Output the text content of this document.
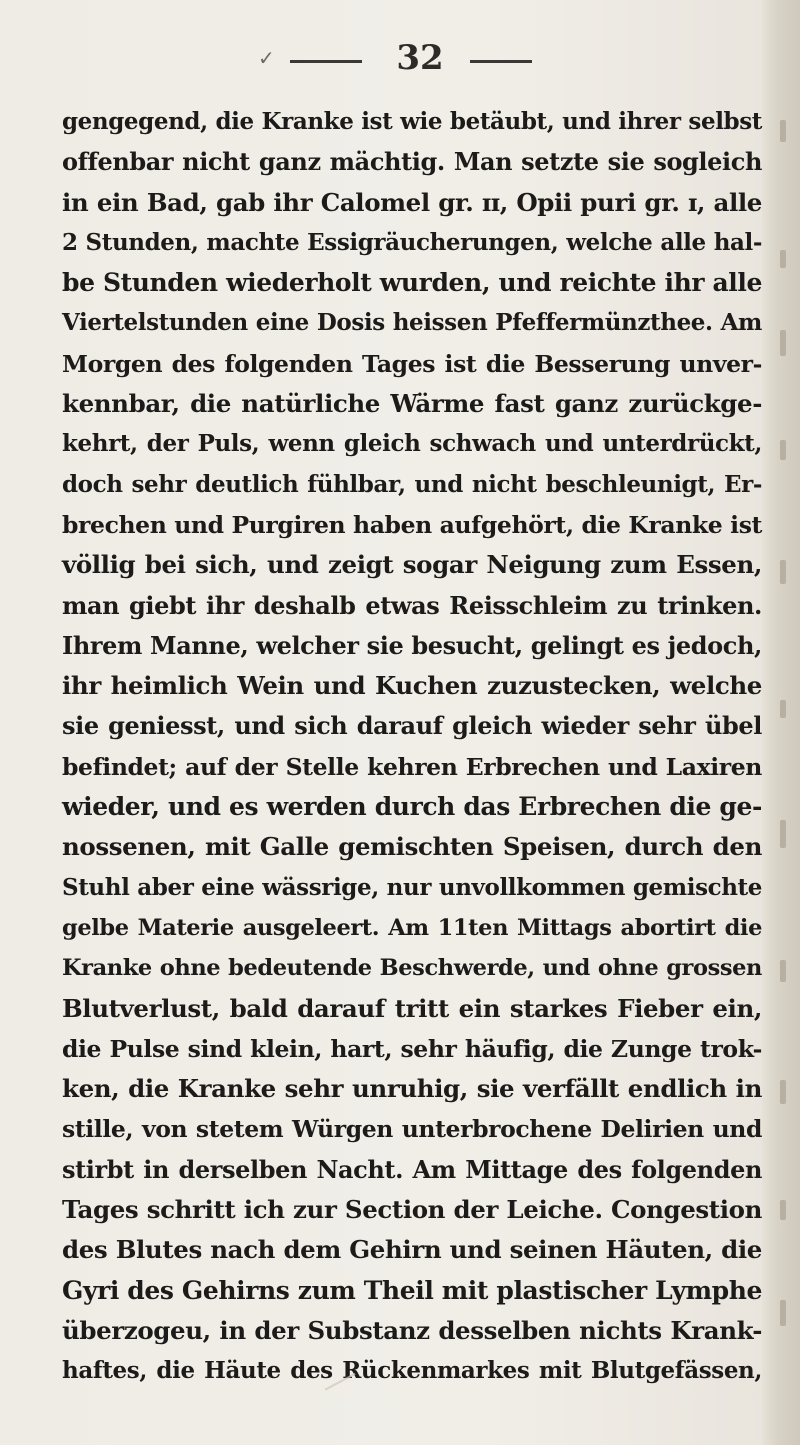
✓	32
gengegend, die Kranke ist wie betäubt, und ihrer selbst
offenbar nicht ganz mächtig. Man setzte sie sogleich
in ein Bad, gab ihr Calomel gr. ɪɪ, Opii puri gr. ɪ, alle
2 Stunden, machte Essigräucherungen, welche alle hal-
be Stunden wiederholt wurden, und reichte ihr alle
Viertelstunden eine Dosis heissen Pfeffermünzthee. Am
Morgen des folgenden Tages ist die Besserung unver-
kennbar, die natürliche Wärme fast ganz zurückge-
kehrt, der Puls, wenn gleich schwach und unterdrückt,
doch sehr deutlich fühlbar, und nicht beschleunigt, Er-
brechen und Purgiren haben aufgehört, die Kranke ist
völlig bei sich, und zeigt sogar Neigung zum Essen,
man giebt ihr deshalb etwas Reisschleim zu trinken.
Ihrem Manne, welcher sie besucht, gelingt es jedoch,
ihr heimlich Wein und Kuchen zuzustecken, welche
sie geniesst, und sich darauf gleich wieder sehr übel
befindet; auf der Stelle kehren Erbrechen und Laxiren
wieder, und es werden durch das Erbrechen die ge-
nossenen, mit Galle gemischten Speisen, durch den
Stuhl aber eine wässrige, nur unvollkommen gemischte
gelbe Materie ausgeleert. Am 11ten Mittags abortirt die
Kranke ohne bedeutende Beschwerde, und ohne grossen
Blutverlust, bald darauf tritt ein starkes Fieber ein,
die Pulse sind klein, hart, sehr häufig, die Zunge trok-
ken, die Kranke sehr unruhig, sie verfällt endlich in
stille, von stetem Würgen unterbrochene Delirien und
stirbt in derselben Nacht. Am Mittage des folgenden
Tages schritt ich zur Section der Leiche. Congestion
des Blutes nach dem Gehirn und seinen Häuten, die
Gyri des Gehirns zum Theil mit plastischer Lymphe
überzogeu, in der Substanz desselben nichts Krank-
haftes, die Häute des Rückenmarkes mit Blutgefässen,
